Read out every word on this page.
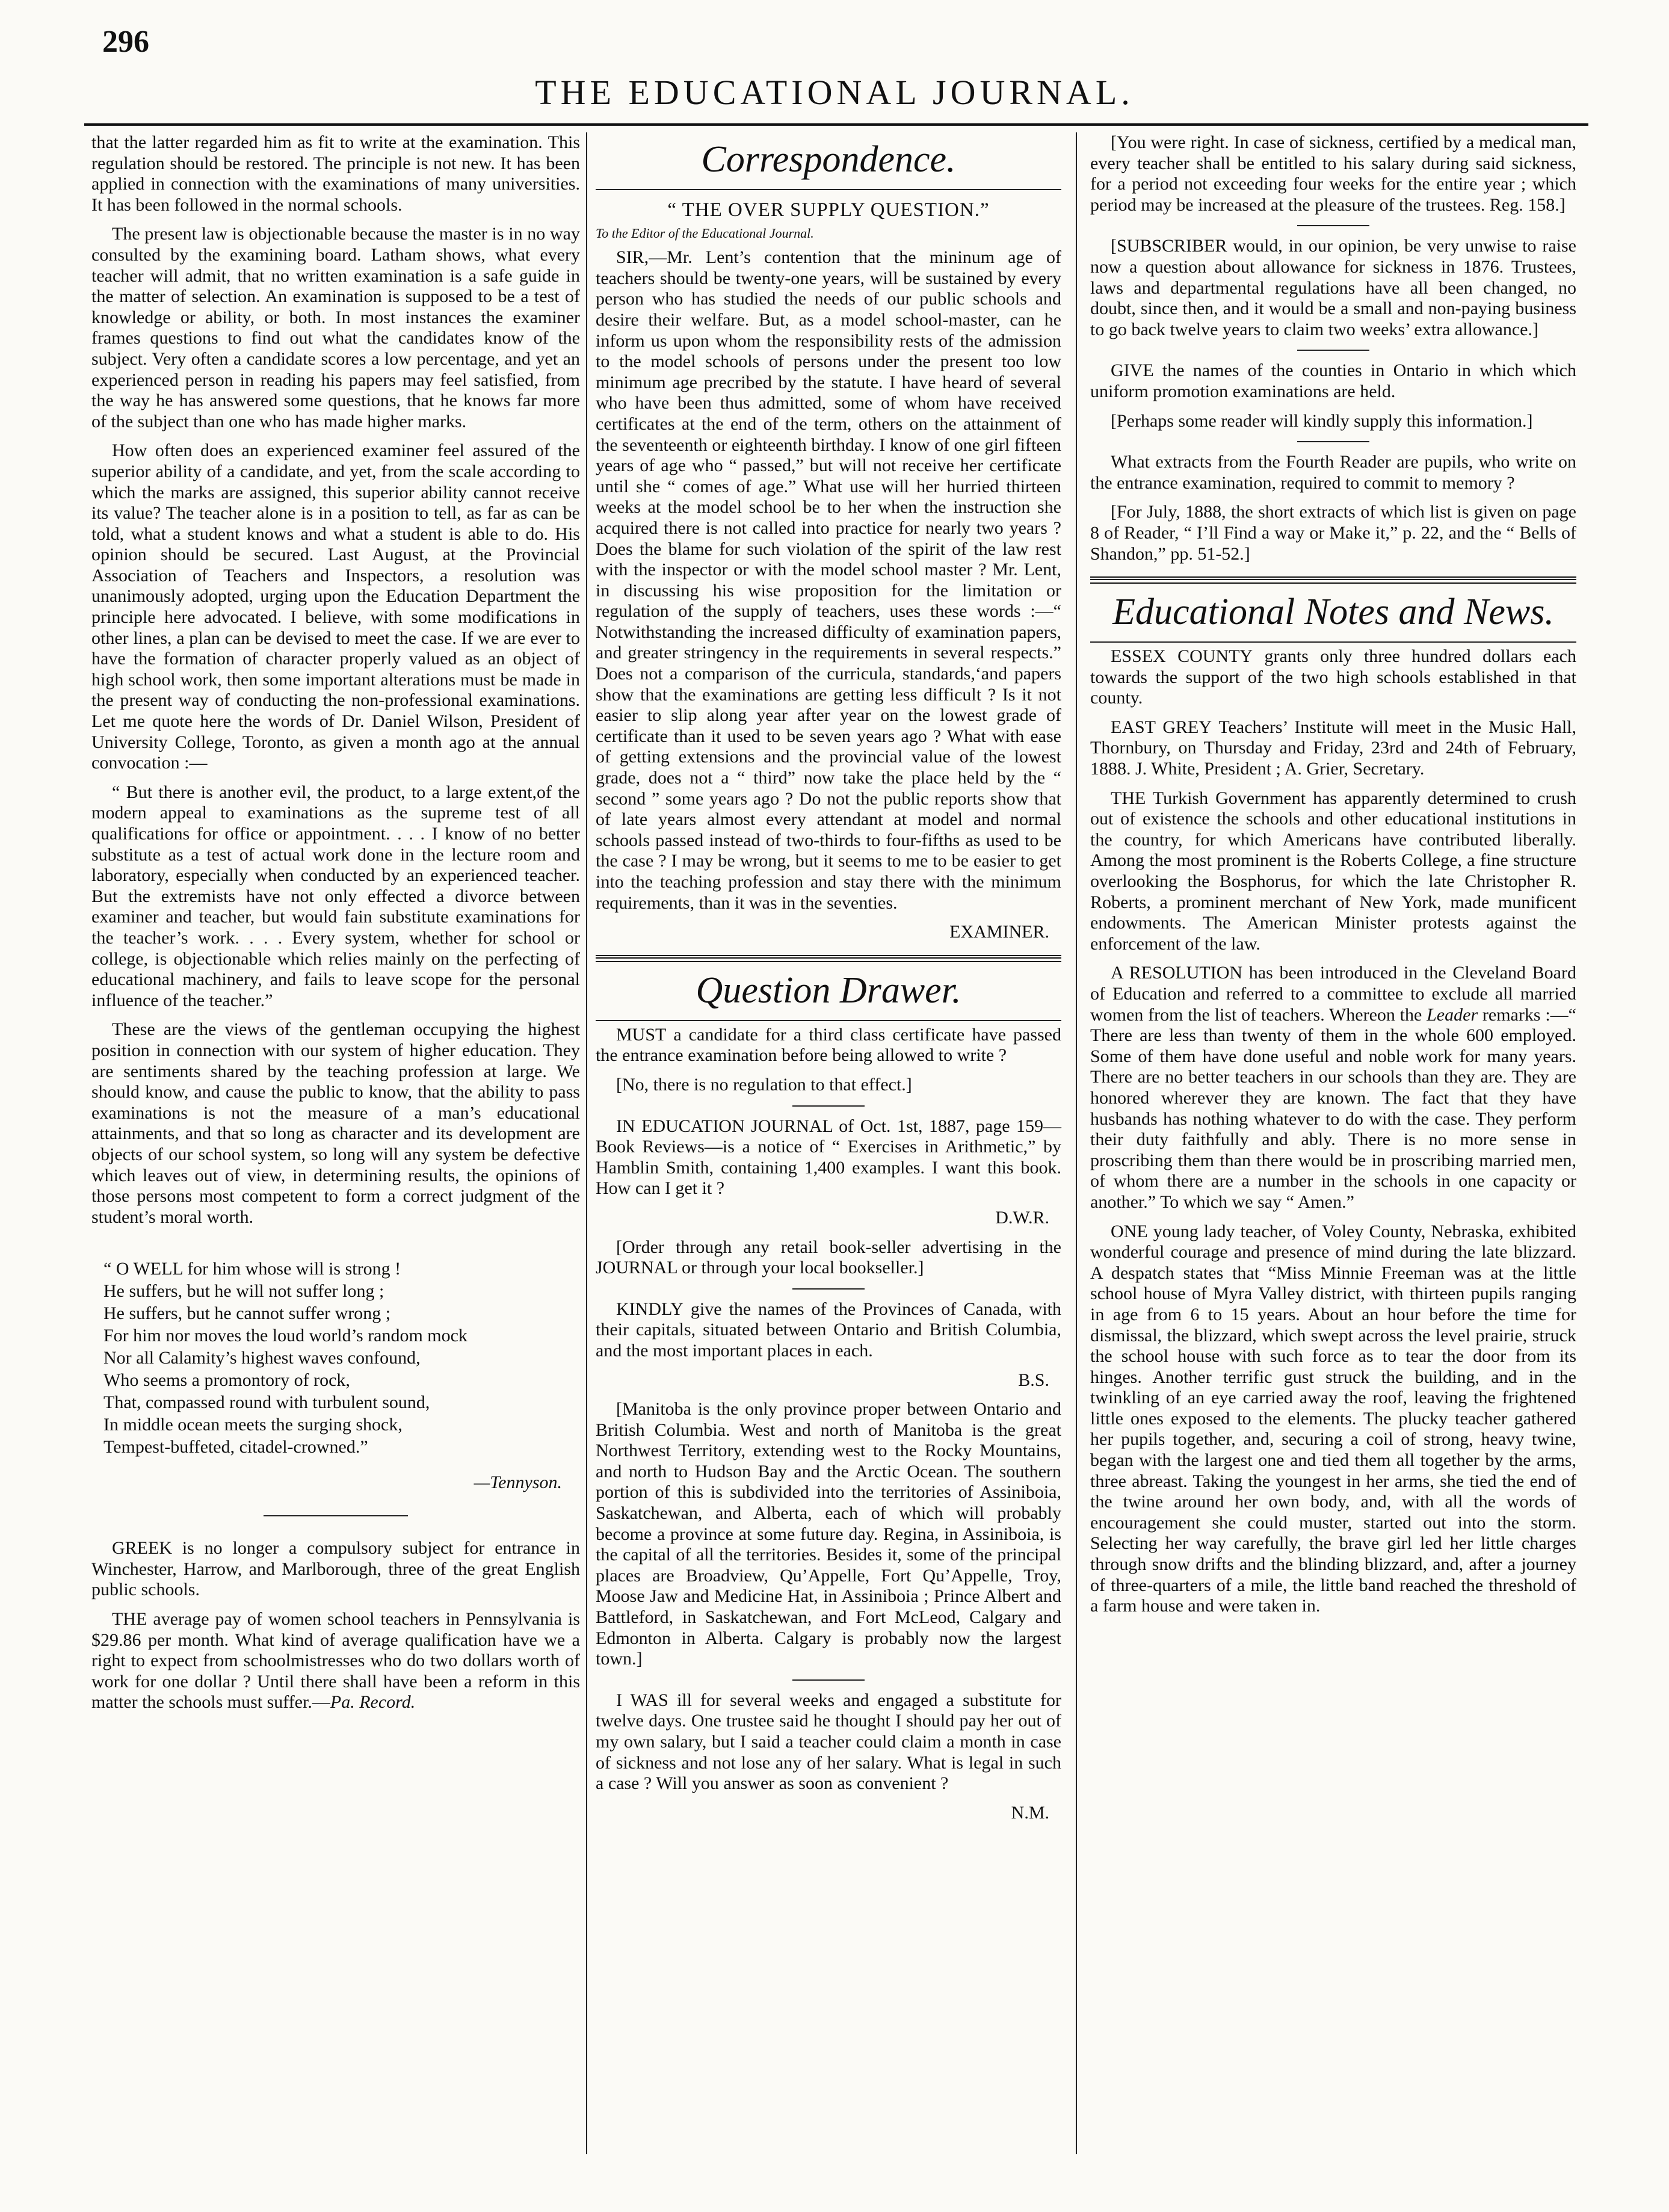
296
THE EDUCATIONAL JOURNAL.

that the latter regarded him as fit to write at the examination. This regulation should be restored. The principle is not new. It has been applied in connection with the examinations of many universities. It has been followed in the normal schools.

The present law is objectionable because the master is in no way consulted by the examining board. Latham shows, what every teacher will admit, that no written examination is a safe guide in the matter of selection. An examination is supposed to be a test of knowledge or ability, or both. In most instances the examiner frames questions to find out what the candidates know of the subject. Very often a candidate scores a low percentage, and yet an experienced person in reading his papers may feel satisfied, from the way he has answered some questions, that he knows far more of the subject than one who has made higher marks.

How often does an experienced examiner feel assured of the superior ability of a candidate, and yet, from the scale according to which the marks are assigned, this superior ability cannot receive its value? The teacher alone is in a position to tell, as far as can be told, what a student knows and what a student is able to do. His opinion should be secured. Last August, at the Provincial Association of Teachers and Inspectors, a resolution was unanimously adopted, urging upon the Education Department the principle here advocated. I believe, with some modifications in other lines, a plan can be devised to meet the case. If we are ever to have the formation of character properly valued as an object of high school work, then some important alterations must be made in the present way of conducting the non-professional examinations. Let me quote here the words of Dr. Daniel Wilson, President of University College, Toronto, as given a month ago at the annual convocation :—

“ But there is another evil, the product, to a large extent,of the modern appeal to examinations as the supreme test of all qualifications for office or appointment. . . . I know of no better substitute as a test of actual work done in the lecture room and laboratory, especially when conducted by an experienced teacher. But the extremists have not only effected a divorce between examiner and teacher, but would fain substitute examinations for the teacher’s work. . . . Every system, whether for school or college, is objectionable which relies mainly on the perfecting of educational machinery, and fails to leave scope for the personal influence of the teacher.”

These are the views of the gentleman occupying the highest position in connection with our system of higher education. They are sentiments shared by the teaching profession at large. We should know, and cause the public to know, that the ability to pass examinations is not the measure of a man’s educational attainments, and that so long as character and its development are objects of our school system, so long will any system be defective which leaves out of view, in determining results, the opinions of those persons most competent to form a correct judgment of the student’s moral worth.

“ O WELL for him whose will is strong !
He suffers, but he will not suffer long ;
He suffers, but he cannot suffer wrong ;
For him nor moves the loud world’s random mock
Nor all Calamity’s highest waves confound,
Who seems a promontory of rock,
That, compassed round with turbulent sound,
In middle ocean meets the surging shock,
Tempest-buffeted, citadel-crowned.”
—Tennyson.

GREEK is no longer a compulsory subject for entrance in Winchester, Harrow, and Marlborough, three of the great English public schools.

THE average pay of women school teachers in Pennsylvania is $29.86 per month. What kind of average qualification have we a right to expect from schoolmistresses who do two dollars worth of work for one dollar ? Until there shall have been a reform in this matter the schools must suffer.—Pa. Record.

Correspondence.
“ THE OVER SUPPLY QUESTION.”

To the Editor of the Educational Journal.

SIR,—Mr. Lent’s contention that the mininum age of teachers should be twenty-one years, will be sustained by every person who has studied the needs of our public schools and desire their welfare. But, as a model school-master, can he inform us upon whom the responsibility rests of the admission to the model schools of persons under the present too low minimum age precribed by the statute. I have heard of several who have been thus admitted, some of whom have received certificates at the end of the term, others on the attainment of the seventeenth or eighteenth birthday. I know of one girl fifteen years of age who “ passed,” but will not receive her certificate until she “ comes of age.” What use will her hurried thirteen weeks at the model school be to her when the instruction she acquired there is not called into practice for nearly two years ? Does the blame for such violation of the spirit of the law rest with the inspector or with the model school master ? Mr. Lent, in discussing his wise proposition for the limitation or regulation of the supply of teachers, uses these words :—“ Notwithstanding the increased difficulty of examination papers, and greater stringency in the requirements in several respects.” Does not a comparison of the curricula, standards,‘and papers show that the examinations are getting less difficult ? Is it not easier to slip along year after year on the lowest grade of certificate than it used to be seven years ago ? What with ease of getting extensions and the provincial value of the lowest grade, does not a “ third” now take the place held by the “ second ” some years ago ? Do not the public reports show that of late years almost every attendant at model and normal schools passed instead of two-thirds to four-fifths as used to be the case ? I may be wrong, but it seems to me to be easier to get into the teaching profession and stay there with the minimum requirements, than it was in the seventies.

EXAMINER.

Question Drawer.

MUST a candidate for a third class certificate have passed the entrance examination before being allowed to write ?

[No, there is no regulation to that effect.]

IN EDUCATION JOURNAL of Oct. 1st, 1887, page 159—Book Reviews—is a notice of “ Exercises in Arithmetic,” by Hamblin Smith, containing 1,400 examples. I want this book. How can I get it ?

D.W.R.

[Order through any retail book-seller advertising in the JOURNAL or through your local bookseller.]

KINDLY give the names of the Provinces of Canada, with their capitals, situated between Ontario and British Columbia, and the most important places in each.

B.S.

[Manitoba is the only province proper between Ontario and British Columbia. West and north of Manitoba is the great Northwest Territory, extending west to the Rocky Mountains, and north to Hudson Bay and the Arctic Ocean. The southern portion of this is subdivided into the territories of Assiniboia, Saskatchewan, and Alberta, each of which will probably become a province at some future day. Regina, in Assiniboia, is the capital of all the territories. Besides it, some of the principal places are Broadview, Qu’Appelle, Fort Qu’Appelle, Troy, Moose Jaw and Medicine Hat, in Assiniboia ; Prince Albert and Battleford, in Saskatchewan, and Fort McLeod, Calgary and Edmonton in Alberta. Calgary is probably now the largest town.]

I WAS ill for several weeks and engaged a substitute for twelve days. One trustee said he thought I should pay her out of my own salary, but I said a teacher could claim a month in case of sickness and not lose any of her salary. What is legal in such a case ? Will you answer as soon as convenient ?

N.M.

[You were right. In case of sickness, certified by a medical man, every teacher shall be entitled to his salary during said sickness, for a period not exceeding four weeks for the entire year ; which period may be increased at the pleasure of the trustees. Reg. 158.]

[SUBSCRIBER would, in our opinion, be very unwise to raise now a question about allowance for sickness in 1876. Trustees, laws and departmental regulations have all been changed, no doubt, since then, and it would be a small and non-paying business to go back twelve years to claim two weeks’ extra allowance.]

GIVE the names of the counties in Ontario in which which uniform promotion examinations are held.

[Perhaps some reader will kindly supply this information.]

What extracts from the Fourth Reader are pupils, who write on the entrance examination, required to commit to memory ?

[For July, 1888, the short extracts of which list is given on page 8 of Reader, “ I’ll Find a way or Make it,” p. 22, and the “ Bells of Shandon,” pp. 51-52.]

Educational Notes and News.

ESSEX COUNTY grants only three hundred dollars each towards the support of the two high schools established in that county.

EAST GREY Teachers’ Institute will meet in the Music Hall, Thornbury, on Thursday and Friday, 23rd and 24th of February, 1888. J. White, President ; A. Grier, Secretary.

THE Turkish Government has apparently determined to crush out of existence the schools and other educational institutions in the country, for which Americans have contributed liberally. Among the most prominent is the Roberts College, a fine structure overlooking the Bosphorus, for which the late Christopher R. Roberts, a prominent merchant of New York, made munificent endowments. The American Minister protests against the enforcement of the law.

A RESOLUTION has been introduced in the Cleveland Board of Education and referred to a committee to exclude all married women from the list of teachers. Whereon the Leader remarks :—“ There are less than twenty of them in the whole 600 employed. Some of them have done useful and noble work for many years. There are no better teachers in our schools than they are. They are honored wherever they are known. The fact that they have husbands has nothing whatever to do with the case. They perform their duty faithfully and ably. There is no more sense in proscribing them than there would be in proscribing married men, of whom there are a number in the schools in one capacity or another.” To which we say “ Amen.”

ONE young lady teacher, of Voley County, Nebraska, exhibited wonderful courage and presence of mind during the late blizzard. A despatch states that “Miss Minnie Freeman was at the little school house of Myra Valley district, with thirteen pupils ranging in age from 6 to 15 years. About an hour before the time for dismissal, the blizzard, which swept across the level prairie, struck the school house with such force as to tear the door from its hinges. Another terrific gust struck the building, and in the twinkling of an eye carried away the roof, leaving the frightened little ones exposed to the elements. The plucky teacher gathered her pupils together, and, securing a coil of strong, heavy twine, began with the largest one and tied them all together by the arms, three abreast. Taking the youngest in her arms, she tied the end of the twine around her own body, and, with all the words of encouragement she could muster, started out into the storm. Selecting her way carefully, the brave girl led her little charges through snow drifts and the blinding blizzard, and, after a journey of three-quarters of a mile, the little band reached the threshold of a farm house and were taken in.
